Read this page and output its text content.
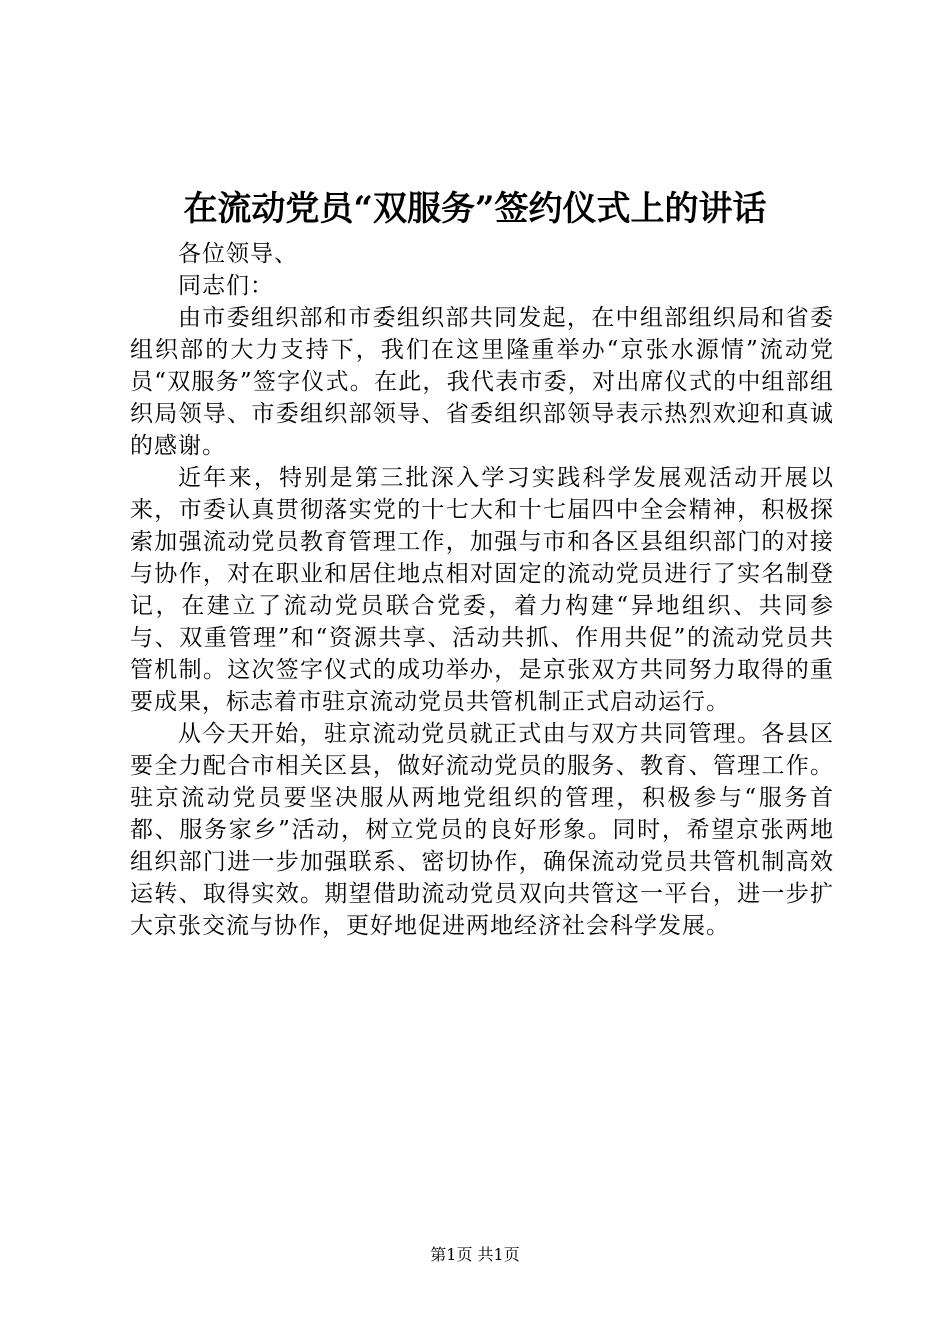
在流动党员“双服务”签约仪式上的讲话

各位领导、

同志们：

由市委组织部和市委组织部共同发起，在中组部组织局和省委组织部的大力支持下，我们在这里隆重举办“京张水源情”流动党员“双服务”签字仪式。在此，我代表市委，对出席仪式的中组部组织局领导、市委组织部领导、省委组织部领导表示热烈欢迎和真诚的感谢。

近年来，特别是第三批深入学习实践科学发展观活动开展以来，市委认真贯彻落实党的十七大和十七届四中全会精神，积极探索加强流动党员教育管理工作，加强与市和各区县组织部门的对接与协作，对在职业和居住地点相对固定的流动党员进行了实名制登记，在建立了流动党员联合党委，着力构建“异地组织、共同参与、双重管理”和“资源共享、活动共抓、作用共促”的流动党员共管机制。这次签字仪式的成功举办，是京张双方共同努力取得的重要成果，标志着市驻京流动党员共管机制正式启动运行。

从今天开始，驻京流动党员就正式由与双方共同管理。各县区要全力配合市相关区县，做好流动党员的服务、教育、管理工作。驻京流动党员要坚决服从两地党组织的管理，积极参与“服务首都、服务家乡”活动，树立党员的良好形象。同时，希望京张两地组织部门进一步加强联系、密切协作，确保流动党员共管机制高效运转、取得实效。期望借助流动党员双向共管这一平台，进一步扩大京张交流与协作，更好地促进两地经济社会科学发展。

第1页 共1页
